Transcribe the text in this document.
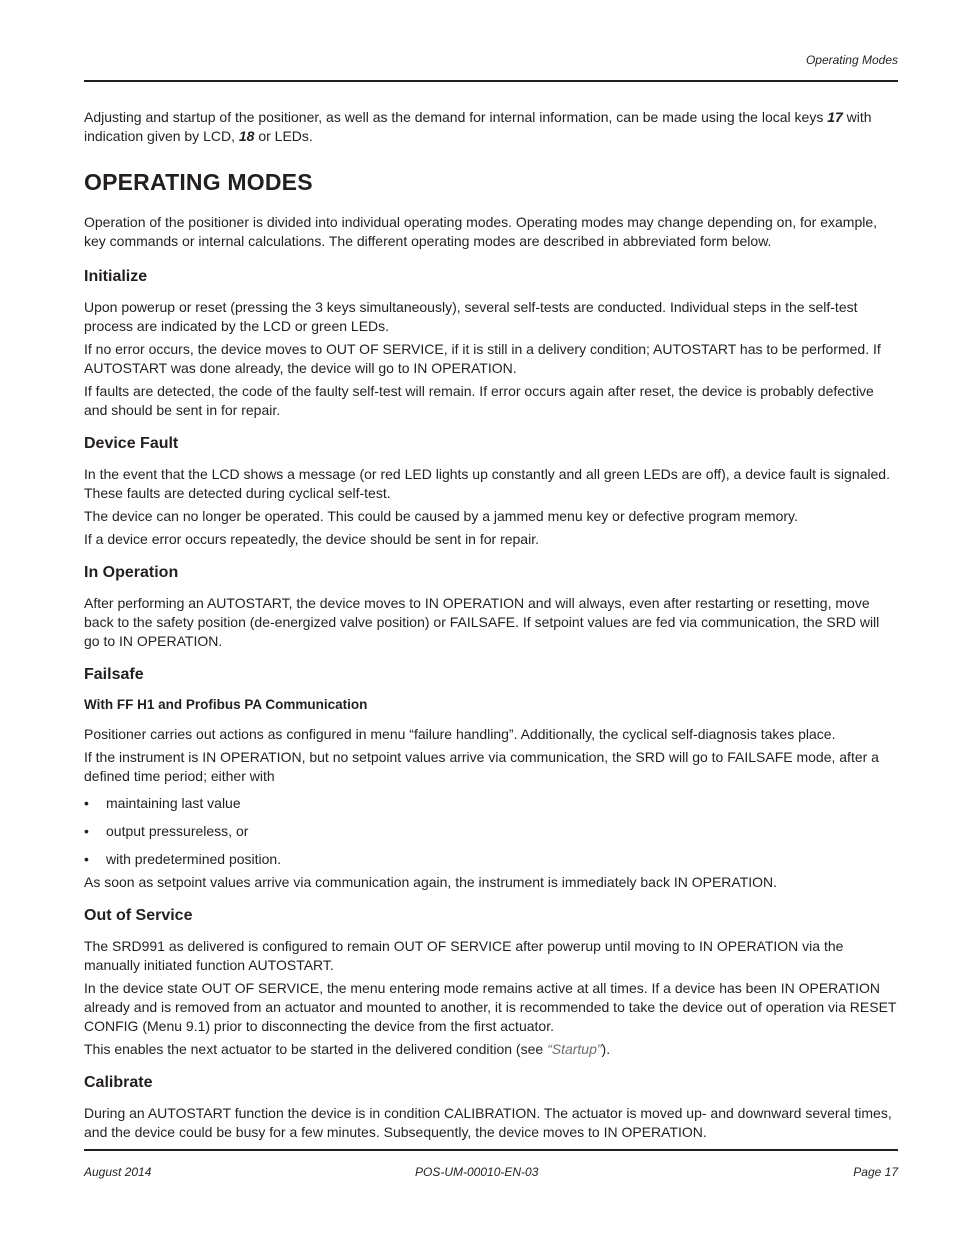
Operating Modes

Adjusting and startup of the positioner, as well as the demand for internal information, can be made using the local keys 17 with indication given by LCD, 18 or LEDs.

OPERATING MODES

Operation of the positioner is divided into individual operating modes. Operating modes may change depending on, for example, key commands or internal calculations. The different operating modes are described in abbreviated form below.

Initialize

Upon powerup or reset (pressing the 3 keys simultaneously), several self-tests are conducted. Individual steps in the self-test process are indicated by the LCD or green LEDs.

If no error occurs, the device moves to OUT OF SERVICE, if it is still in a delivery condition; AUTOSTART has to be performed. If AUTOSTART was done already, the device will go to IN OPERATION.

If faults are detected, the code of the faulty self-test will remain. If error occurs again after reset, the device is probably defective and should be sent in for repair.

Device Fault

In the event that the LCD shows a message (or red LED lights up constantly and all green LEDs are off), a device fault is signaled. These faults are detected during cyclical self-test.

The device can no longer be operated. This could be caused by a jammed menu key or defective program memory.

If a device error occurs repeatedly, the device should be sent in for repair.

In Operation

After performing an AUTOSTART, the device moves to IN OPERATION and will always, even after restarting or resetting, move back to the safety position (de-energized valve position) or FAILSAFE. If setpoint values are fed via communication, the SRD will go to IN OPERATION.

Failsafe
With FF H1 and Profibus PA Communication

Positioner carries out actions as configured in menu “failure handling”. Additionally, the cyclical self-diagnosis takes place.

If the instrument is IN OPERATION, but no setpoint values arrive via communication, the SRD will go to FAILSAFE mode, after a defined time period; either with

• maintaining last value
• output pressureless, or
• with predetermined position.

As soon as setpoint values arrive via communication again, the instrument is immediately back IN OPERATION.

Out of Service

The SRD991 as delivered is configured to remain OUT OF SERVICE after powerup until moving to IN OPERATION via the manually initiated function AUTOSTART.

In the device state OUT OF SERVICE, the menu entering mode remains active at all times. If a device has been IN OPERATION already and is removed from an actuator and mounted to another, it is recommended to take the device out of operation via RESET CONFIG (Menu 9.1) prior to disconnecting the device from the first actuator.

This enables the next actuator to be started in the delivered condition (see “Startup”).

Calibrate

During an AUTOSTART function the device is in condition CALIBRATION. The actuator is moved up- and downward several times, and the device could be busy for a few minutes. Subsequently, the device moves to IN OPERATION.

August 2014	POS-UM-00010-EN-03	Page 17
